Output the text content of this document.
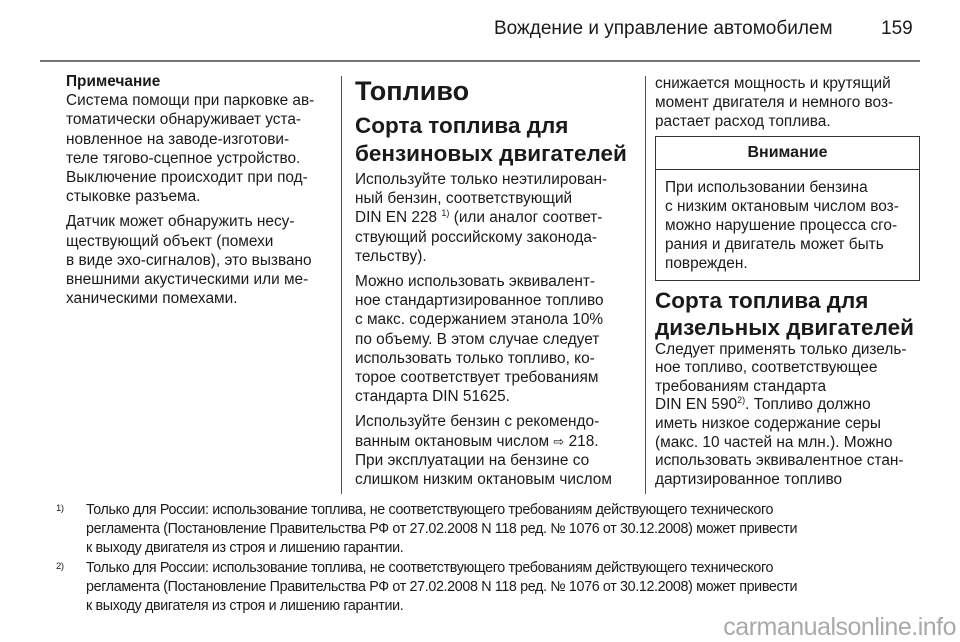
Вождение и управление автомобилем	159
Примечание
Система помощи при парковке ав-
томатически обнаруживает уста-
новленное на заводе-изготови-
теле тягово-сцепное устройство.
Выключение происходит при под-
стыковке разъема.
Датчик может обнаружить несу-
ществующий объект (помехи
в виде эхо-сигналов), это вызвано
внешними акустическими или ме-
ханическими помехами.
Топливо
Сорта топлива для
бензиновых двигателей
Используйте только неэтилирован-
ный бензин, соответствующий
DIN EN 228 $^{1)}$ (или аналог соответ-
ствующий российскому законода-
тельству).
Можно использовать эквивалент-
ное стандартизированное топливо
с макс. содержанием этанола 10%
по объему. В этом случае следует
использовать только топливо, ко-
торое соответствует требованиям
стандарта DIN 51625.
Используйте бензин с рекомендо-
ванным октановым числом ⇨ 218.
При эксплуатации на бензине со
слишком низким октановым числом
снижается мощность и крутящий
момент двигателя и немного воз-
растает расход топлива.
Внимание
При использовании бензина
с низким октановым числом воз-
можно нарушение процесса сго-
рания и двигатель может быть
поврежден.
Сорта топлива для
дизельных двигателей
Следует применять только дизель-
ное топливо, соответствующее
требованиям стандарта
DIN EN 590$^{2)}$. Топливо должно
иметь низкое содержание серы
(макс. 10 частей на млн.). Можно
использовать эквивалентное стан-
дартизированное топливо
1) Только для России: использование топлива, не соответствующего требованиям действующего технического
регламента (Постановление Правительства РФ от 27.02.2008 N 118 ред. № 1076 от 30.12.2008) может привести
к выходу двигателя из строя и лишению гарантии.
2) Только для России: использование топлива, не соответствующего требованиям действующего технического
регламента (Постановление Правительства РФ от 27.02.2008 N 118 ред. № 1076 от 30.12.2008) может привести
к выходу двигателя из строя и лишению гарантии.
carmanualsonline.info
